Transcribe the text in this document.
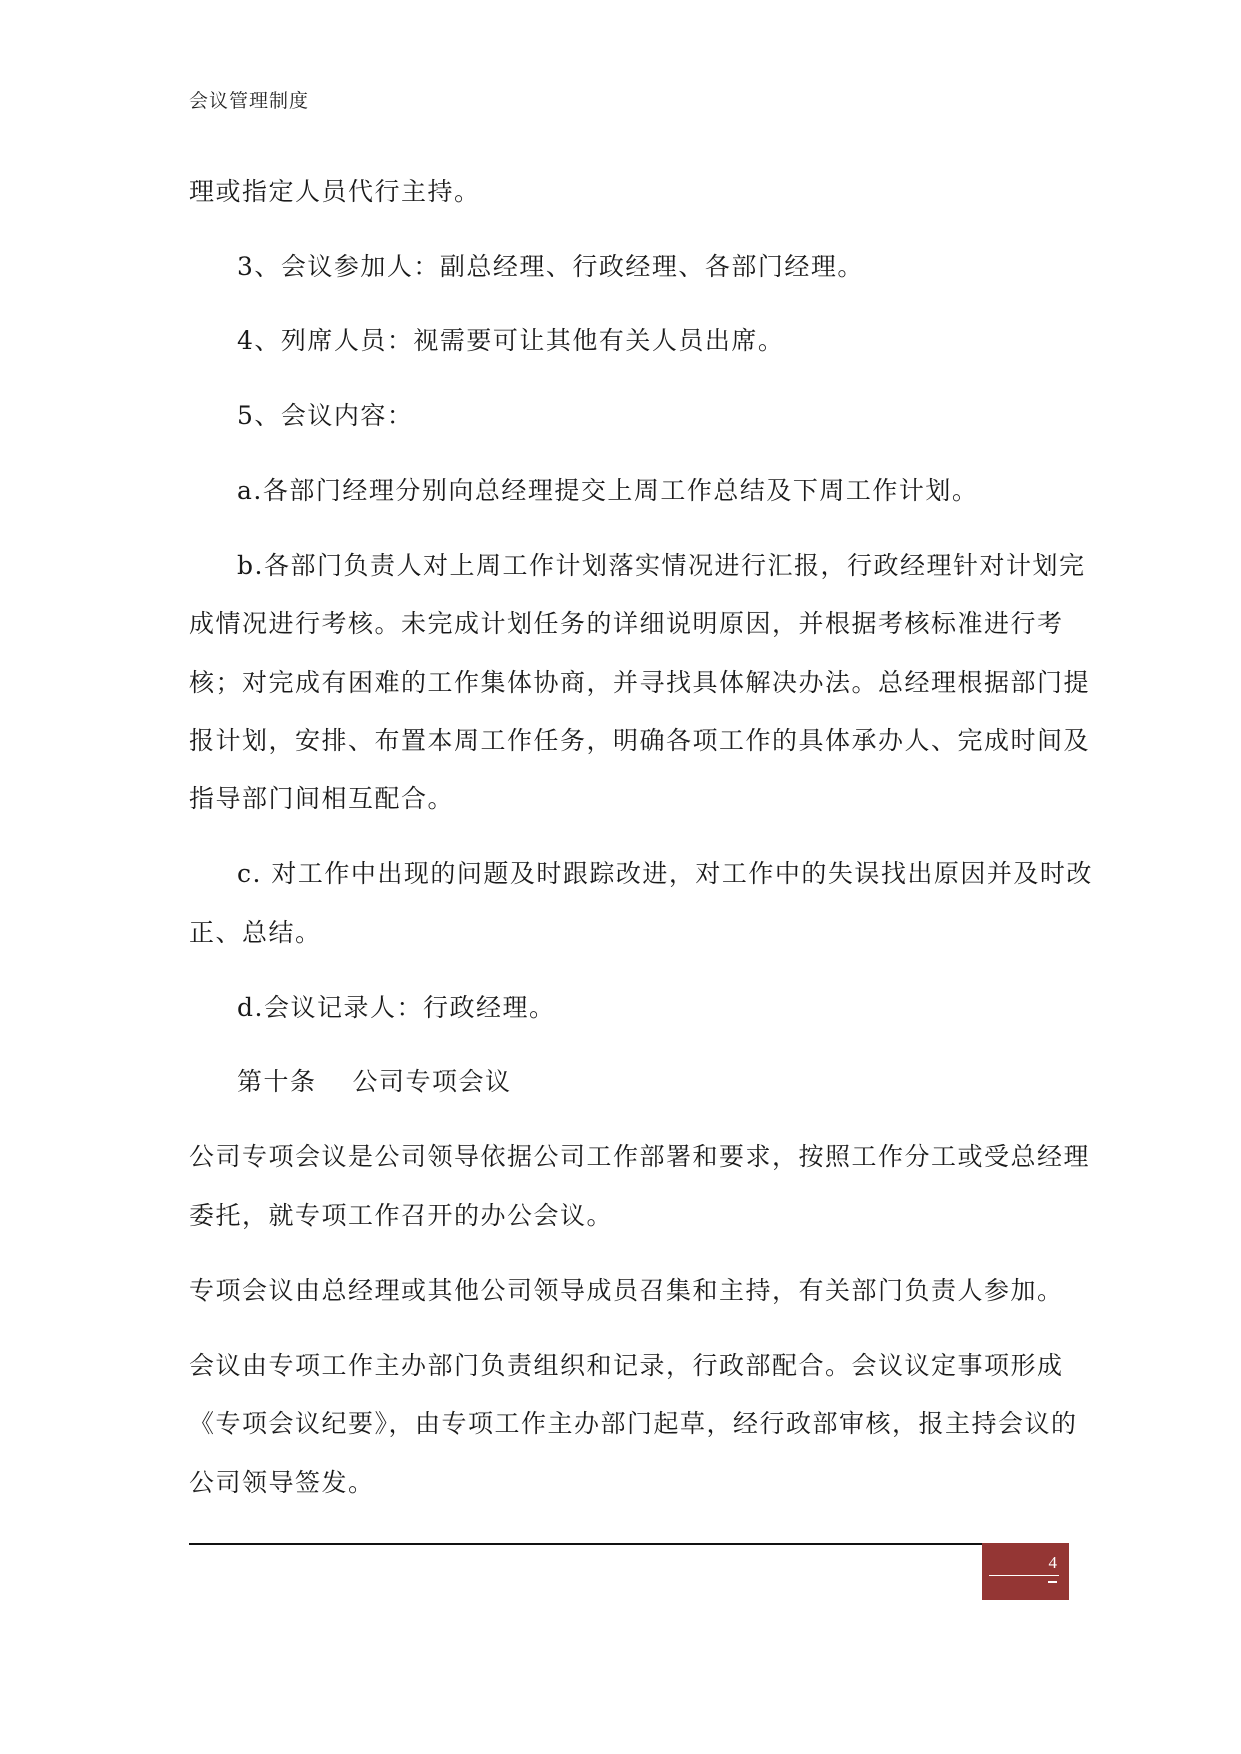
会议管理制度
理或指定人员代行主持。
3、会议参加人：副总经理、行政经理、各部门经理。
4、列席人员：视需要可让其他有关人员出席。
5、会议内容：
a.各部门经理分别向总经理提交上周工作总结及下周工作计划。
b.各部门负责人对上周工作计划落实情况进行汇报，行政经理针对计划完
成情况进行考核。未完成计划任务的详细说明原因，并根据考核标准进行考
核；对完成有困难的工作集体协商，并寻找具体解决办法。总经理根据部门提
报计划，安排、布置本周工作任务，明确各项工作的具体承办人、完成时间及
指导部门间相互配合。
c. 对工作中出现的问题及时跟踪改进，对工作中的失误找出原因并及时改
正、总结。
d.会议记录人：行政经理。
第十条　 公司专项会议
公司专项会议是公司领导依据公司工作部署和要求，按照工作分工或受总经理
委托，就专项工作召开的办公会议。
专项会议由总经理或其他公司领导成员召集和主持，有关部门负责人参加。
会议由专项工作主办部门负责组织和记录，行政部配合。会议议定事项形成
《专项会议纪要》，由专项工作主办部门起草，经行政部审核，报主持会议的
公司领导签发。
4
